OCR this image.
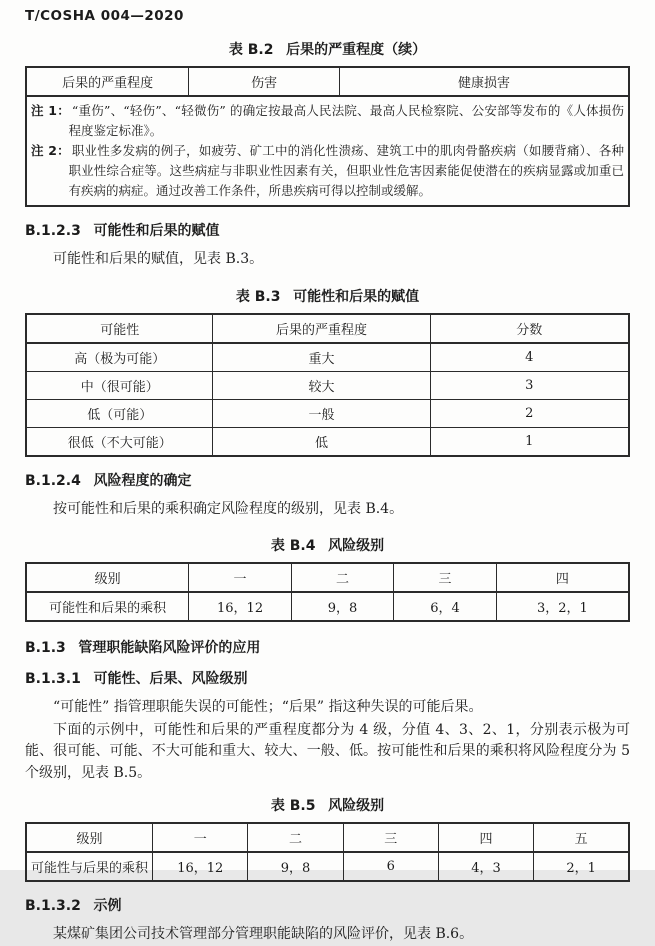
T/COSHA 004—2020
表 B.2 后果的严重程度（续）
后果的严重程度	伤害	健康损害

注 1： “重伤”、“轻伤”、“轻微伤” 的确定按最高人民法院、最高人民检察院、公安部等发布的《人体损伤程度鉴定标准》。
注 2： 职业性多发病的例子，如疲劳、矿工中的消化性溃疡、建筑工中的肌肉骨骼疾病（如腰背痛）、各种职业性综合症等。这些病症与非职业性因素有关，但职业性危害因素能促使潜在的疾病显露或加重已有疾病的病症。通过改善工作条件，所患疾病可得以控制或缓解。
B.1.2.3 可能性和后果的赋值

可能性和后果的赋值，见表 B.3。

表 B.3 可能性和后果的赋值
可能性	后果的严重程度	分数
高（极为可能）	重大	4
中（很可能）	较大	3
低（可能）	一般	2
很低（不大可能）	低	1
B.1.2.4 风险程度的确定

按可能性和后果的乘积确定风险程度的级别，见表 B.4。

表 B.4 风险级别
级别	一	二	三	四
可能性和后果的乘积	16，12	9，8	6，4	3，2，1
B.1.3 管理职能缺陷风险评价的应用
B.1.3.1 可能性、后果、风险级别

“可能性” 指管理职能失误的可能性；“后果” 指这种失误的可能后果。

下面的示例中，可能性和后果的严重程度都分为 4 级，分值 4、3、2、1，分别表示极为可能、很可能、可能、不大可能和重大、较大、一般、低。按可能性和后果的乘积将风险程度分为 5 个级别，见表 B.5。

表 B.5 风险级别
级别	一	二	三	四	五
可能性与后果的乘积	16，12	9，8	6	4，3	2，1
B.1.3.2 示例

某煤矿集团公司技术管理部分管理职能缺陷的风险评价，见表 B.6。
